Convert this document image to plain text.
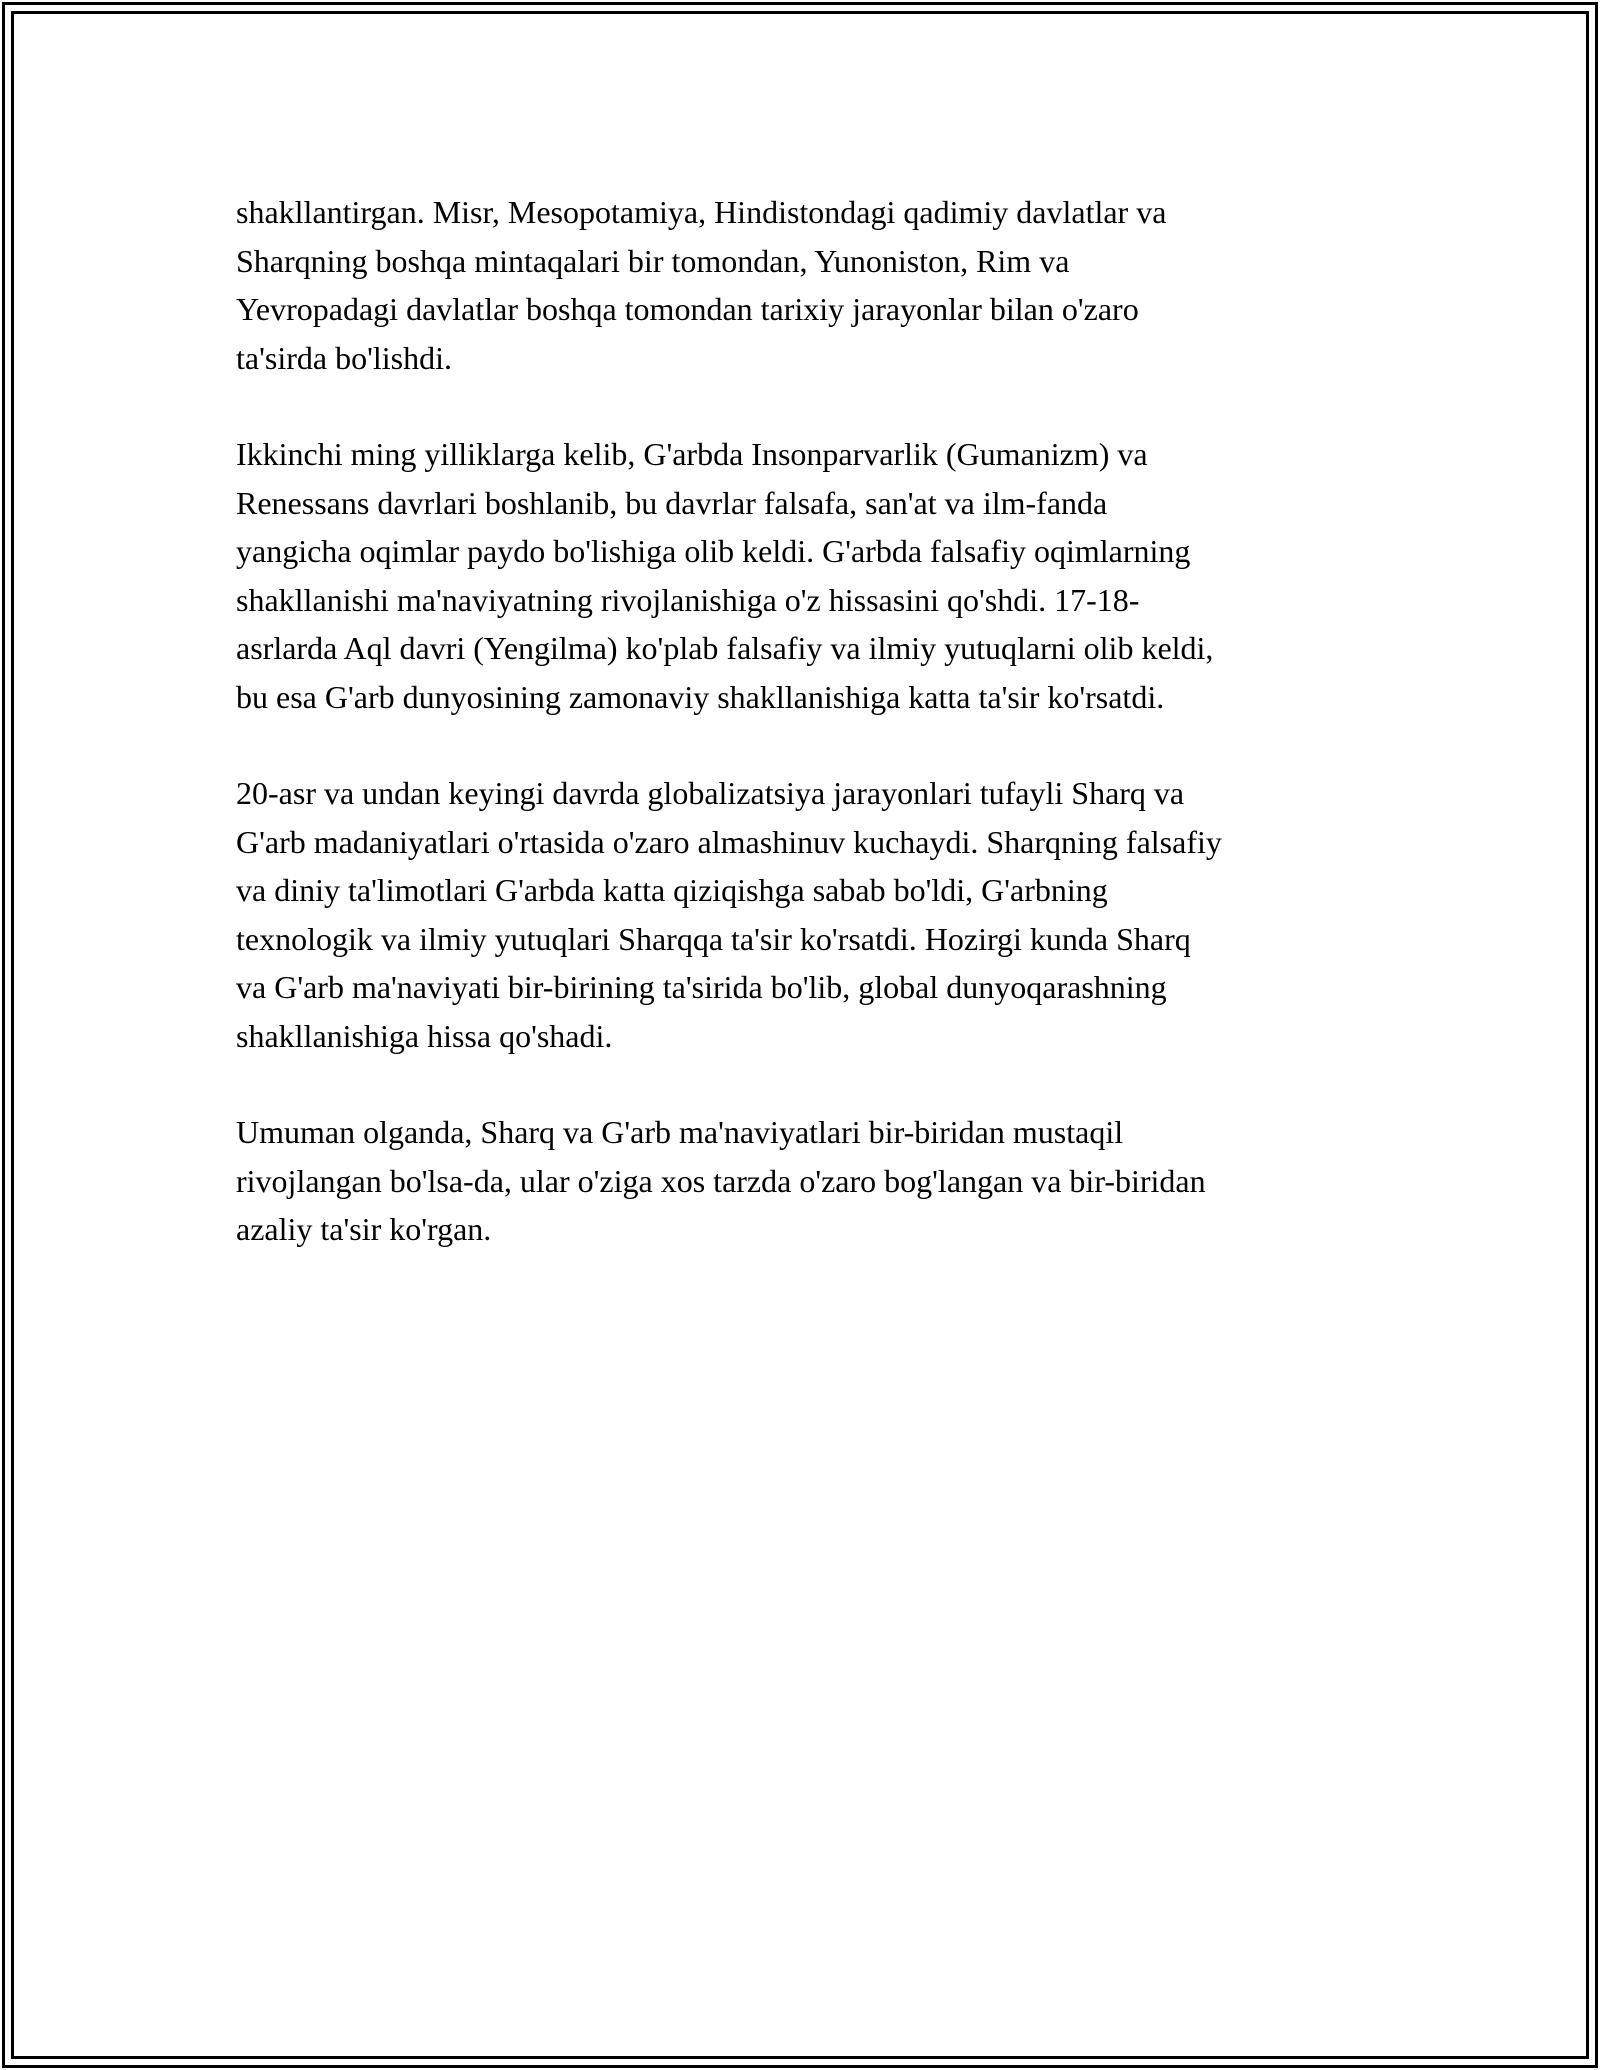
shakllantirgan. Misr, Mesopotamiya, Hindistondagi qadimiy davlatlar va
Sharqning boshqa mintaqalari bir tomondan, Yunoniston, Rim va
Yevropadagi davlatlar boshqa tomondan tarixiy jarayonlar bilan o'zaro
ta'sirda bo'lishdi.

Ikkinchi ming yilliklarga kelib, G'arbda Insonparvarlik (Gumanizm) va
Renessans davrlari boshlanib, bu davrlar falsafa, san'at va ilm-fanda
yangicha oqimlar paydo bo'lishiga olib keldi. G'arbda falsafiy oqimlarning
shakllanishi ma'naviyatning rivojlanishiga o'z hissasini qo'shdi. 17-18-
asrlarda Aql davri (Yengilma) ko'plab falsafiy va ilmiy yutuqlarni olib keldi,
bu esa G'arb dunyosining zamonaviy shakllanishiga katta ta'sir ko'rsatdi.

20-asr va undan keyingi davrda globalizatsiya jarayonlari tufayli Sharq va
G'arb madaniyatlari o'rtasida o'zaro almashinuv kuchaydi. Sharqning falsafiy
va diniy ta'limotlari G'arbda katta qiziqishga sabab bo'ldi, G'arbning
texnologik va ilmiy yutuqlari Sharqqa ta'sir ko'rsatdi. Hozirgi kunda Sharq
va G'arb ma'naviyati bir-birining ta'sirida bo'lib, global dunyoqarashning
shakllanishiga hissa qo'shadi.

Umuman olganda, Sharq va G'arb ma'naviyatlari bir-biridan mustaqil
rivojlangan bo'lsa-da, ular o'ziga xos tarzda o'zaro bog'langan va bir-biridan
azaliy ta'sir ko'rgan.
